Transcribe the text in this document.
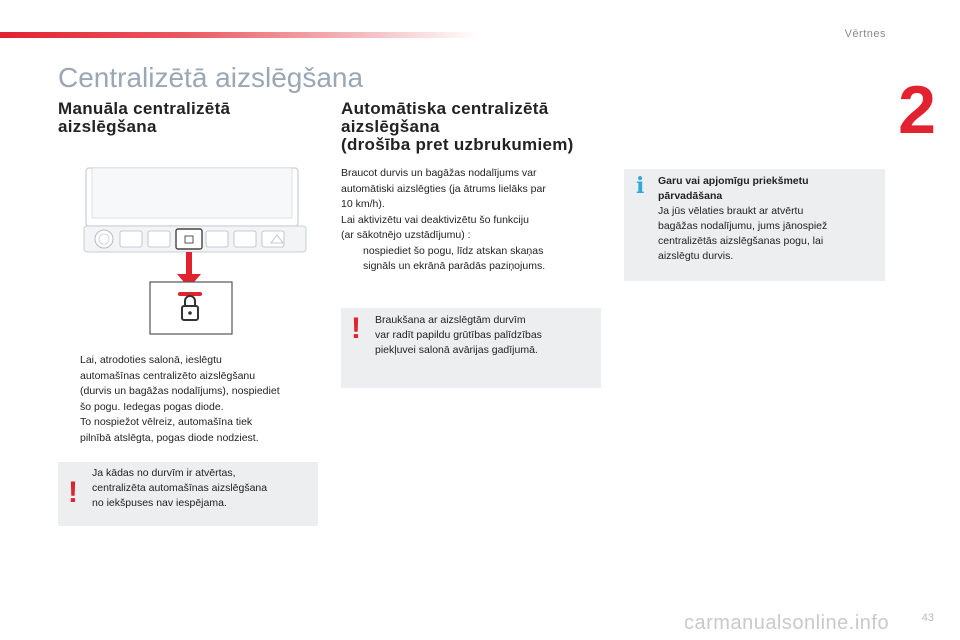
Vērtnes
2
Centralizētā aizslēgšana
Manuāla centralizētā
aizslēgšana

Lai, atrodoties salonā, ieslēgtu

automašīnas centralizēto aizslēgšanu

(durvis un bagāžas nodalījums), nospiediet

šo pogu. Iedegas pogas diode.

To nospiežot vēlreiz, automašīna tiek

pilnībā atslēgta, pogas diode nodziest.

!

Ja kādas no durvīm ir atvērtas,

centralizēta automašīnas aizslēgšana

no iekšpuses nav iespējama.

Automātiska centralizētā
aizslēgšana
(drošība pret uzbrukumiem)

Braucot durvis un bagāžas nodalījums var

automātiski aizslēgties (ja ātrums lielāks par

10 km/h).

Lai aktivizētu vai deaktivizētu šo funkciju

(ar sākotnējo uzstādījumu) :

nospiediet šo pogu, līdz atskan skaņas

signāls un ekrānā parādās paziņojums.

! Braukšana ar aizslēgtām durvīm

var radīt papildu grūtības palīdzības

piekļuvei salonā avārijas gadījumā.

i Garu vai apjomīgu priekšmetu
pārvadāšana

Ja jūs vēlaties braukt ar atvērtu

bagāžas nodalījumu, jums jānospiež

centralizētās aizslēgšanas pogu, lai

aizslēgtu durvis.

carmanualsonline.info	43
